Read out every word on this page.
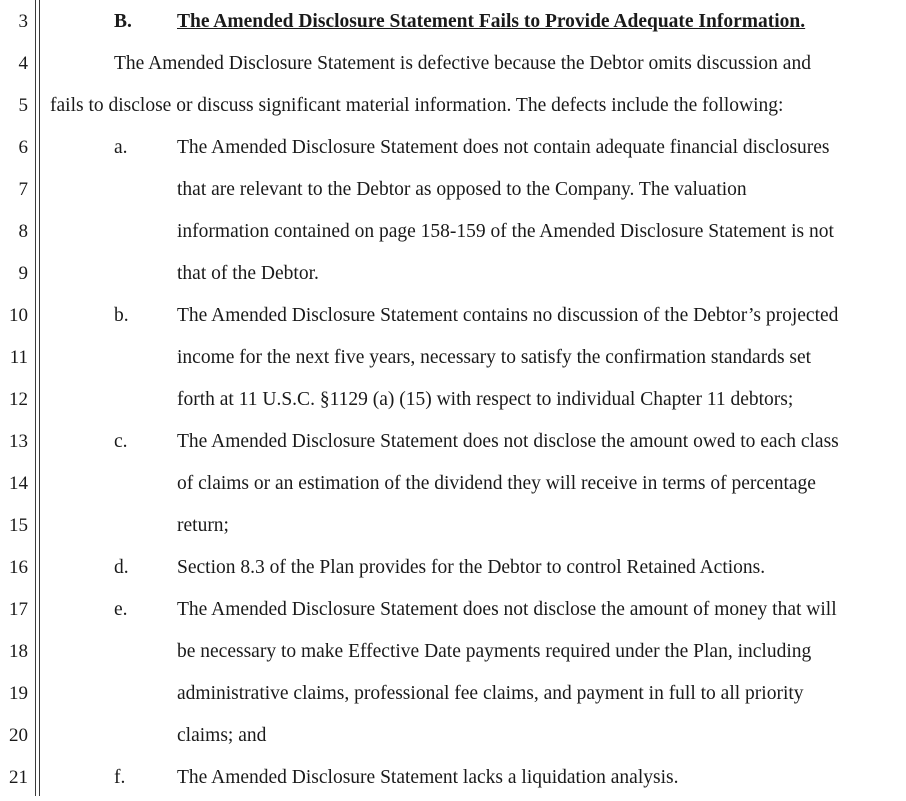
3	B. The Amended Disclosure Statement Fails to Provide Adequate Information.
4	The Amended Disclosure Statement is defective because the Debtor omits discussion and
5 fails to disclose or discuss significant material information. The defects include the following:
6	a.	The Amended Disclosure Statement does not contain adequate financial disclosures
7	that are relevant to the Debtor as opposed to the Company. The valuation
8	information contained on page 158-159 of the Amended Disclosure Statement is not
9	that of the Debtor.
10	b. The Amended Disclosure Statement contains no discussion of the Debtor’s projected
11	income for the next five years, necessary to satisfy the confirmation standards set
12	forth at 11 U.S.C. §1129 (a) (15) with respect to individual Chapter 11 debtors;
13	c.	The Amended Disclosure Statement does not disclose the amount owed to each class
14	of claims or an estimation of the dividend they will receive in terms of percentage
15	return;
16	d. Section 8.3 of the Plan provides for the Debtor to control Retained Actions.
17	e.	The Amended Disclosure Statement does not disclose the amount of money that will
18	be necessary to make Effective Date payments required under the Plan, including
19	administrative claims, professional fee claims, and payment in full to all priority
20	claims; and
21	f.	The Amended Disclosure Statement lacks a liquidation analysis.
